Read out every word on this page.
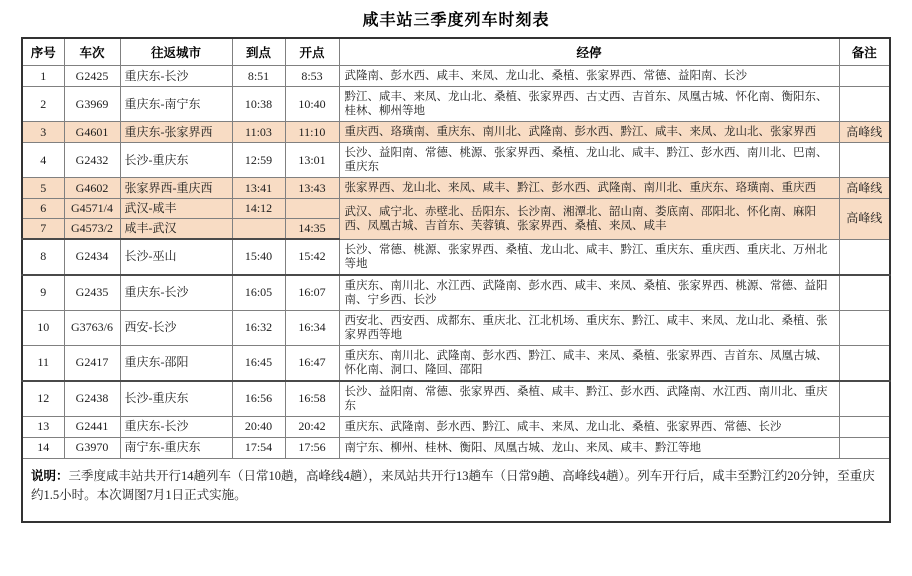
咸丰站三季度列车时刻表
序号	车次	往返城市	到点	开点	经停	备注
1	G2425	重庆东-长沙	8:51	8:53	武隆南、彭水西、咸丰、来凤、龙山北、桑植、张家界西、常德、益阳南、长沙	
2	G3969	重庆东-南宁东	10:38	10:40	黔江、咸丰、来凤、龙山北、桑植、张家界西、古丈西、吉首东、凤凰古城、怀化南、衡阳东、桂林、柳州等地	
3	G4601	重庆东-张家界西	11:03	11:10	重庆西、珞璜南、重庆东、南川北、武隆南、彭水西、黔江、咸丰、来凤、龙山北、张家界西	高峰线
4	G2432	长沙-重庆东	12:59	13:01	长沙、益阳南、常德、桃源、张家界西、桑植、龙山北、咸丰、黔江、彭水西、南川北、巴南、重庆东	
5	G4602	张家界西-重庆西	13:41	13:43	张家界西、龙山北、来凤、咸丰、黔江、彭水西、武隆南、南川北、重庆东、珞璜南、重庆西	高峰线
6	G4571/4	武汉-咸丰	14:12		武汉、咸宁北、赤壁北、岳阳东、长沙南、湘潭北、韶山南、娄底南、邵阳北、怀化南、麻阳西、凤凰古城、吉首东、芙蓉镇、张家界西、桑植、来凤、咸丰	高峰线
7	G4573/2	咸丰-武汉		14:35		
8	G2434	长沙-巫山	15:40	15:42	长沙、常德、桃源、张家界西、桑植、龙山北、咸丰、黔江、重庆东、重庆西、重庆北、万州北等地	
9	G2435	重庆东-长沙	16:05	16:07	重庆东、南川北、水江西、武隆南、彭水西、咸丰、来凤、桑植、张家界西、桃源、常德、益阳南、宁乡西、长沙	
10	G3763/6	西安-长沙	16:32	16:34	西安北、西安西、成都东、重庆北、江北机场、重庆东、黔江、咸丰、来凤、龙山北、桑植、张家界西等地	
11	G2417	重庆东-邵阳	16:45	16:47	重庆东、南川北、武隆南、彭水西、黔江、咸丰、来凤、桑植、张家界西、吉首东、凤凰古城、怀化南、洞口、隆回、邵阳	
12	G2438	长沙-重庆东	16:56	16:58	长沙、益阳南、常德、张家界西、桑植、咸丰、黔江、彭水西、武隆南、水江西、南川北、重庆东	
13	G2441	重庆东-长沙	20:40	20:42	重庆东、武隆南、彭水西、黔江、咸丰、来凤、龙山北、桑植、张家界西、常德、长沙	
14	G3970	南宁东-重庆东	17:54	17:56	南宁东、柳州、桂林、衡阳、凤凰古城、龙山、来凤、咸丰、黔江等地	
说明：三季度咸丰站共开行14趟列车（日常10趟，高峰线4趟），来凤站共开行13趟车（日常9趟、高峰线4趟）。列车开行后，咸丰至黔江约20分钟，至重庆约1.5小时。本次调图7月1日正式实施。						
